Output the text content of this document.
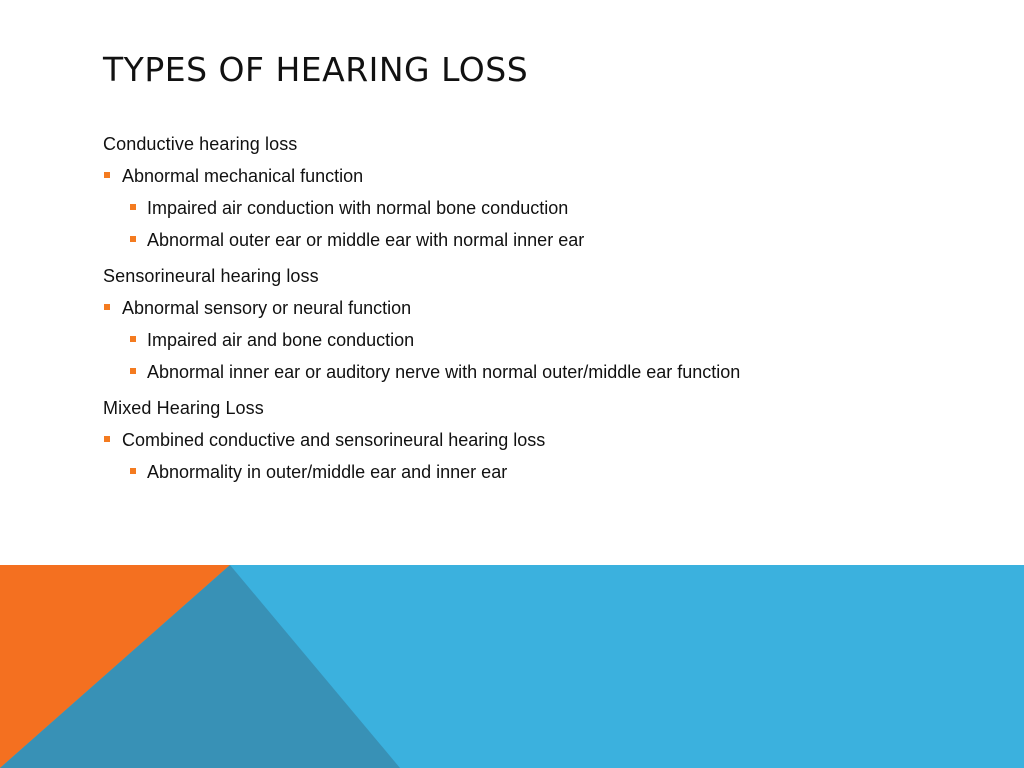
TYPES OF HEARING LOSS
Conductive hearing loss
Abnormal mechanical function
Impaired air conduction with normal bone conduction
Abnormal outer ear or middle ear with normal inner ear
Sensorineural hearing loss
Abnormal sensory or neural function
Impaired air and bone conduction
Abnormal inner ear or auditory nerve with normal outer/middle ear function
Mixed Hearing Loss
Combined conductive and sensorineural hearing loss
Abnormality in outer/middle ear and inner ear
